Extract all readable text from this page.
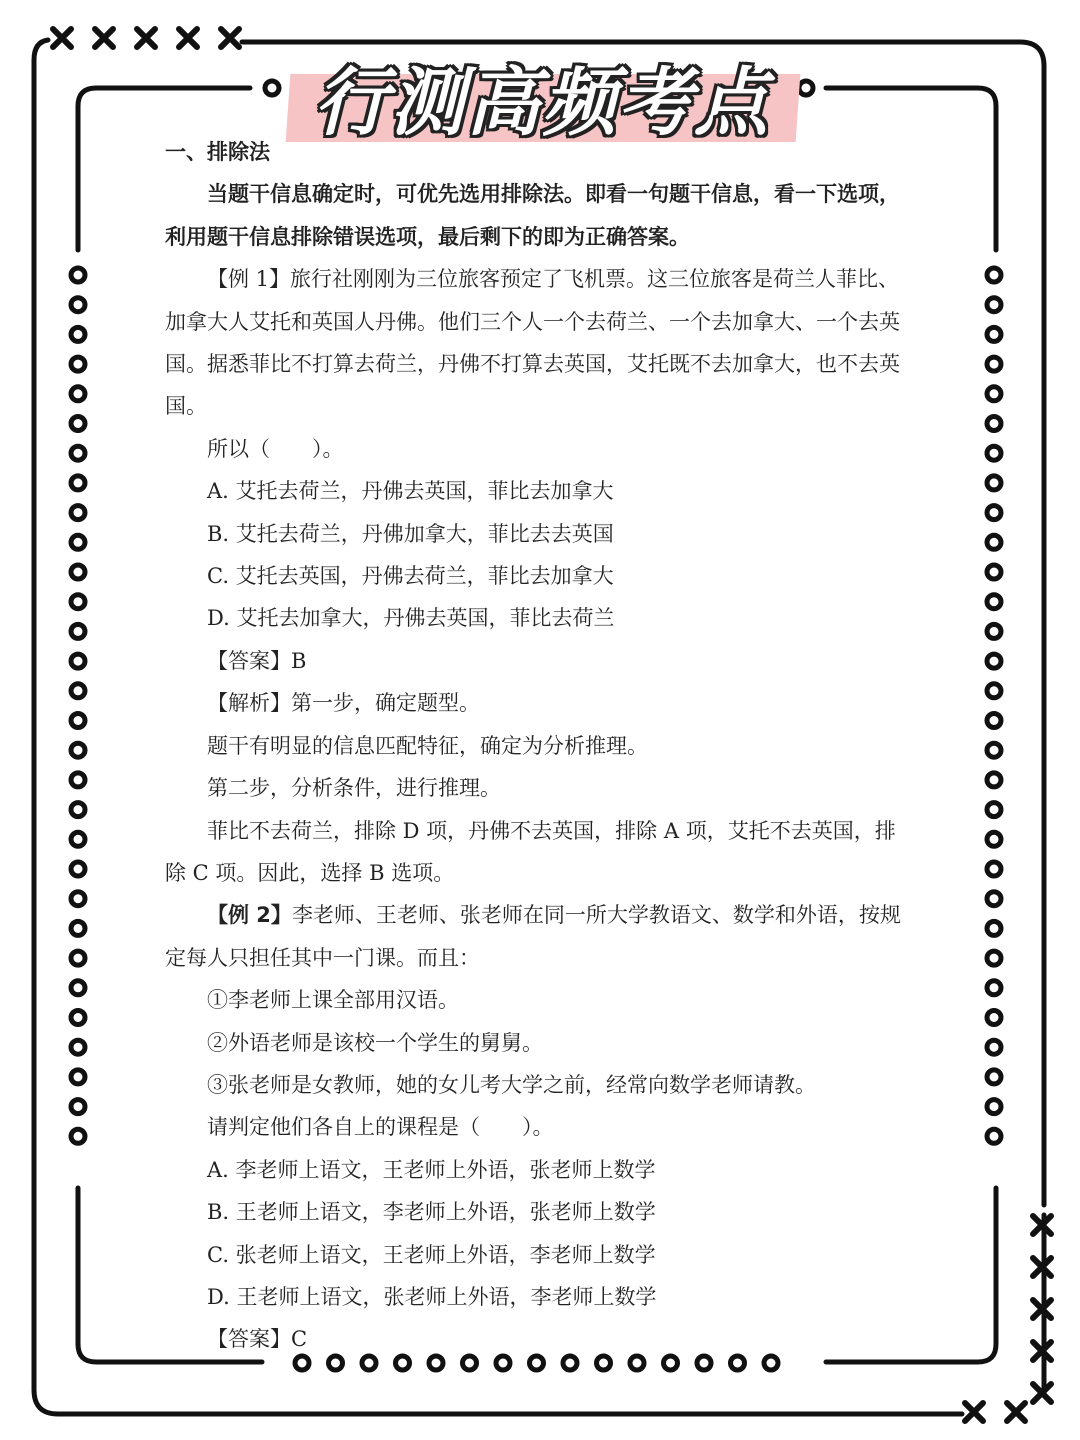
行测高频考点

一、排除法

当题干信息确定时，可优先选用排除法。即看一句题干信息，看一下选项，

利用题干信息排除错误选项，最后剩下的即为正确答案。

【例 1】旅行社刚刚为三位旅客预定了飞机票。这三位旅客是荷兰人菲比、

加拿大人艾托和英国人丹佛。他们三个人一个去荷兰、一个去加拿大、一个去英

国。据悉菲比不打算去荷兰，丹佛不打算去英国，艾托既不去加拿大，也不去英

国。

所以（　　）。

A. 艾托去荷兰，丹佛去英国，菲比去加拿大

B. 艾托去荷兰，丹佛加拿大，菲比去去英国

C. 艾托去英国，丹佛去荷兰，菲比去加拿大

D. 艾托去加拿大，丹佛去英国，菲比去荷兰

【答案】B

【解析】第一步，确定题型。

题干有明显的信息匹配特征，确定为分析推理。

第二步，分析条件，进行推理。

菲比不去荷兰，排除 D 项，丹佛不去英国，排除 A 项，艾托不去英国，排

除 C 项。因此，选择 B 选项。

【例 2】李老师、王老师、张老师在同一所大学教语文、数学和外语，按规

定每人只担任其中一门课。而且：

①李老师上课全部用汉语。

②外语老师是该校一个学生的舅舅。

③张老师是女教师，她的女儿考大学之前，经常向数学老师请教。

请判定他们各自上的课程是（　　）。

A. 李老师上语文，王老师上外语，张老师上数学

B. 王老师上语文，李老师上外语，张老师上数学

C. 张老师上语文，王老师上外语，李老师上数学

D. 王老师上语文，张老师上外语，李老师上数学

【答案】C
